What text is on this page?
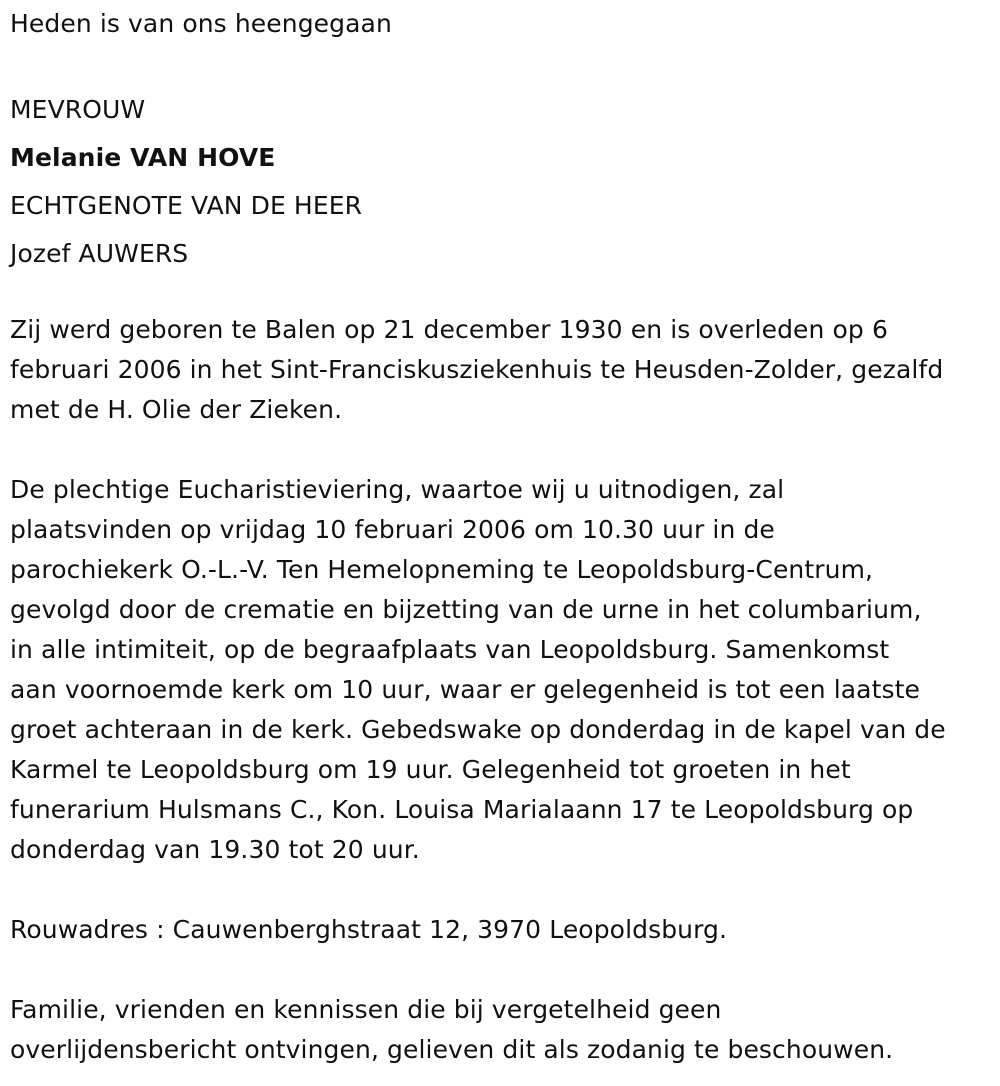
Heden is van ons heengegaan
MEVROUW
Melanie VAN HOVE
ECHTGENOTE VAN DE HEER
Jozef AUWERS
Zij werd geboren te Balen op 21 december 1930 en is overleden op 6
februari 2006 in het Sint-Franciskusziekenhuis te Heusden-Zolder, gezalfd
met de H. Olie der Zieken.
De plechtige Eucharistieviering, waartoe wij u uitnodigen, zal
plaatsvinden op vrijdag 10 februari 2006 om 10.30 uur in de
parochiekerk O.-L.-V. Ten Hemelopneming te Leopoldsburg-Centrum,
gevolgd door de crematie en bijzetting van de urne in het columbarium,
in alle intimiteit, op de begraafplaats van Leopoldsburg. Samenkomst
aan voornoemde kerk om 10 uur, waar er gelegenheid is tot een laatste
groet achteraan in de kerk. Gebedswake op donderdag in de kapel van de
Karmel te Leopoldsburg om 19 uur. Gelegenheid tot groeten in het
funerarium Hulsmans C., Kon. Louisa Marialaann 17 te Leopoldsburg op
donderdag van 19.30 tot 20 uur.
Rouwadres : Cauwenberghstraat 12, 3970 Leopoldsburg.
Familie, vrienden en kennissen die bij vergetelheid geen
overlijdensbericht ontvingen, gelieven dit als zodanig te beschouwen.
